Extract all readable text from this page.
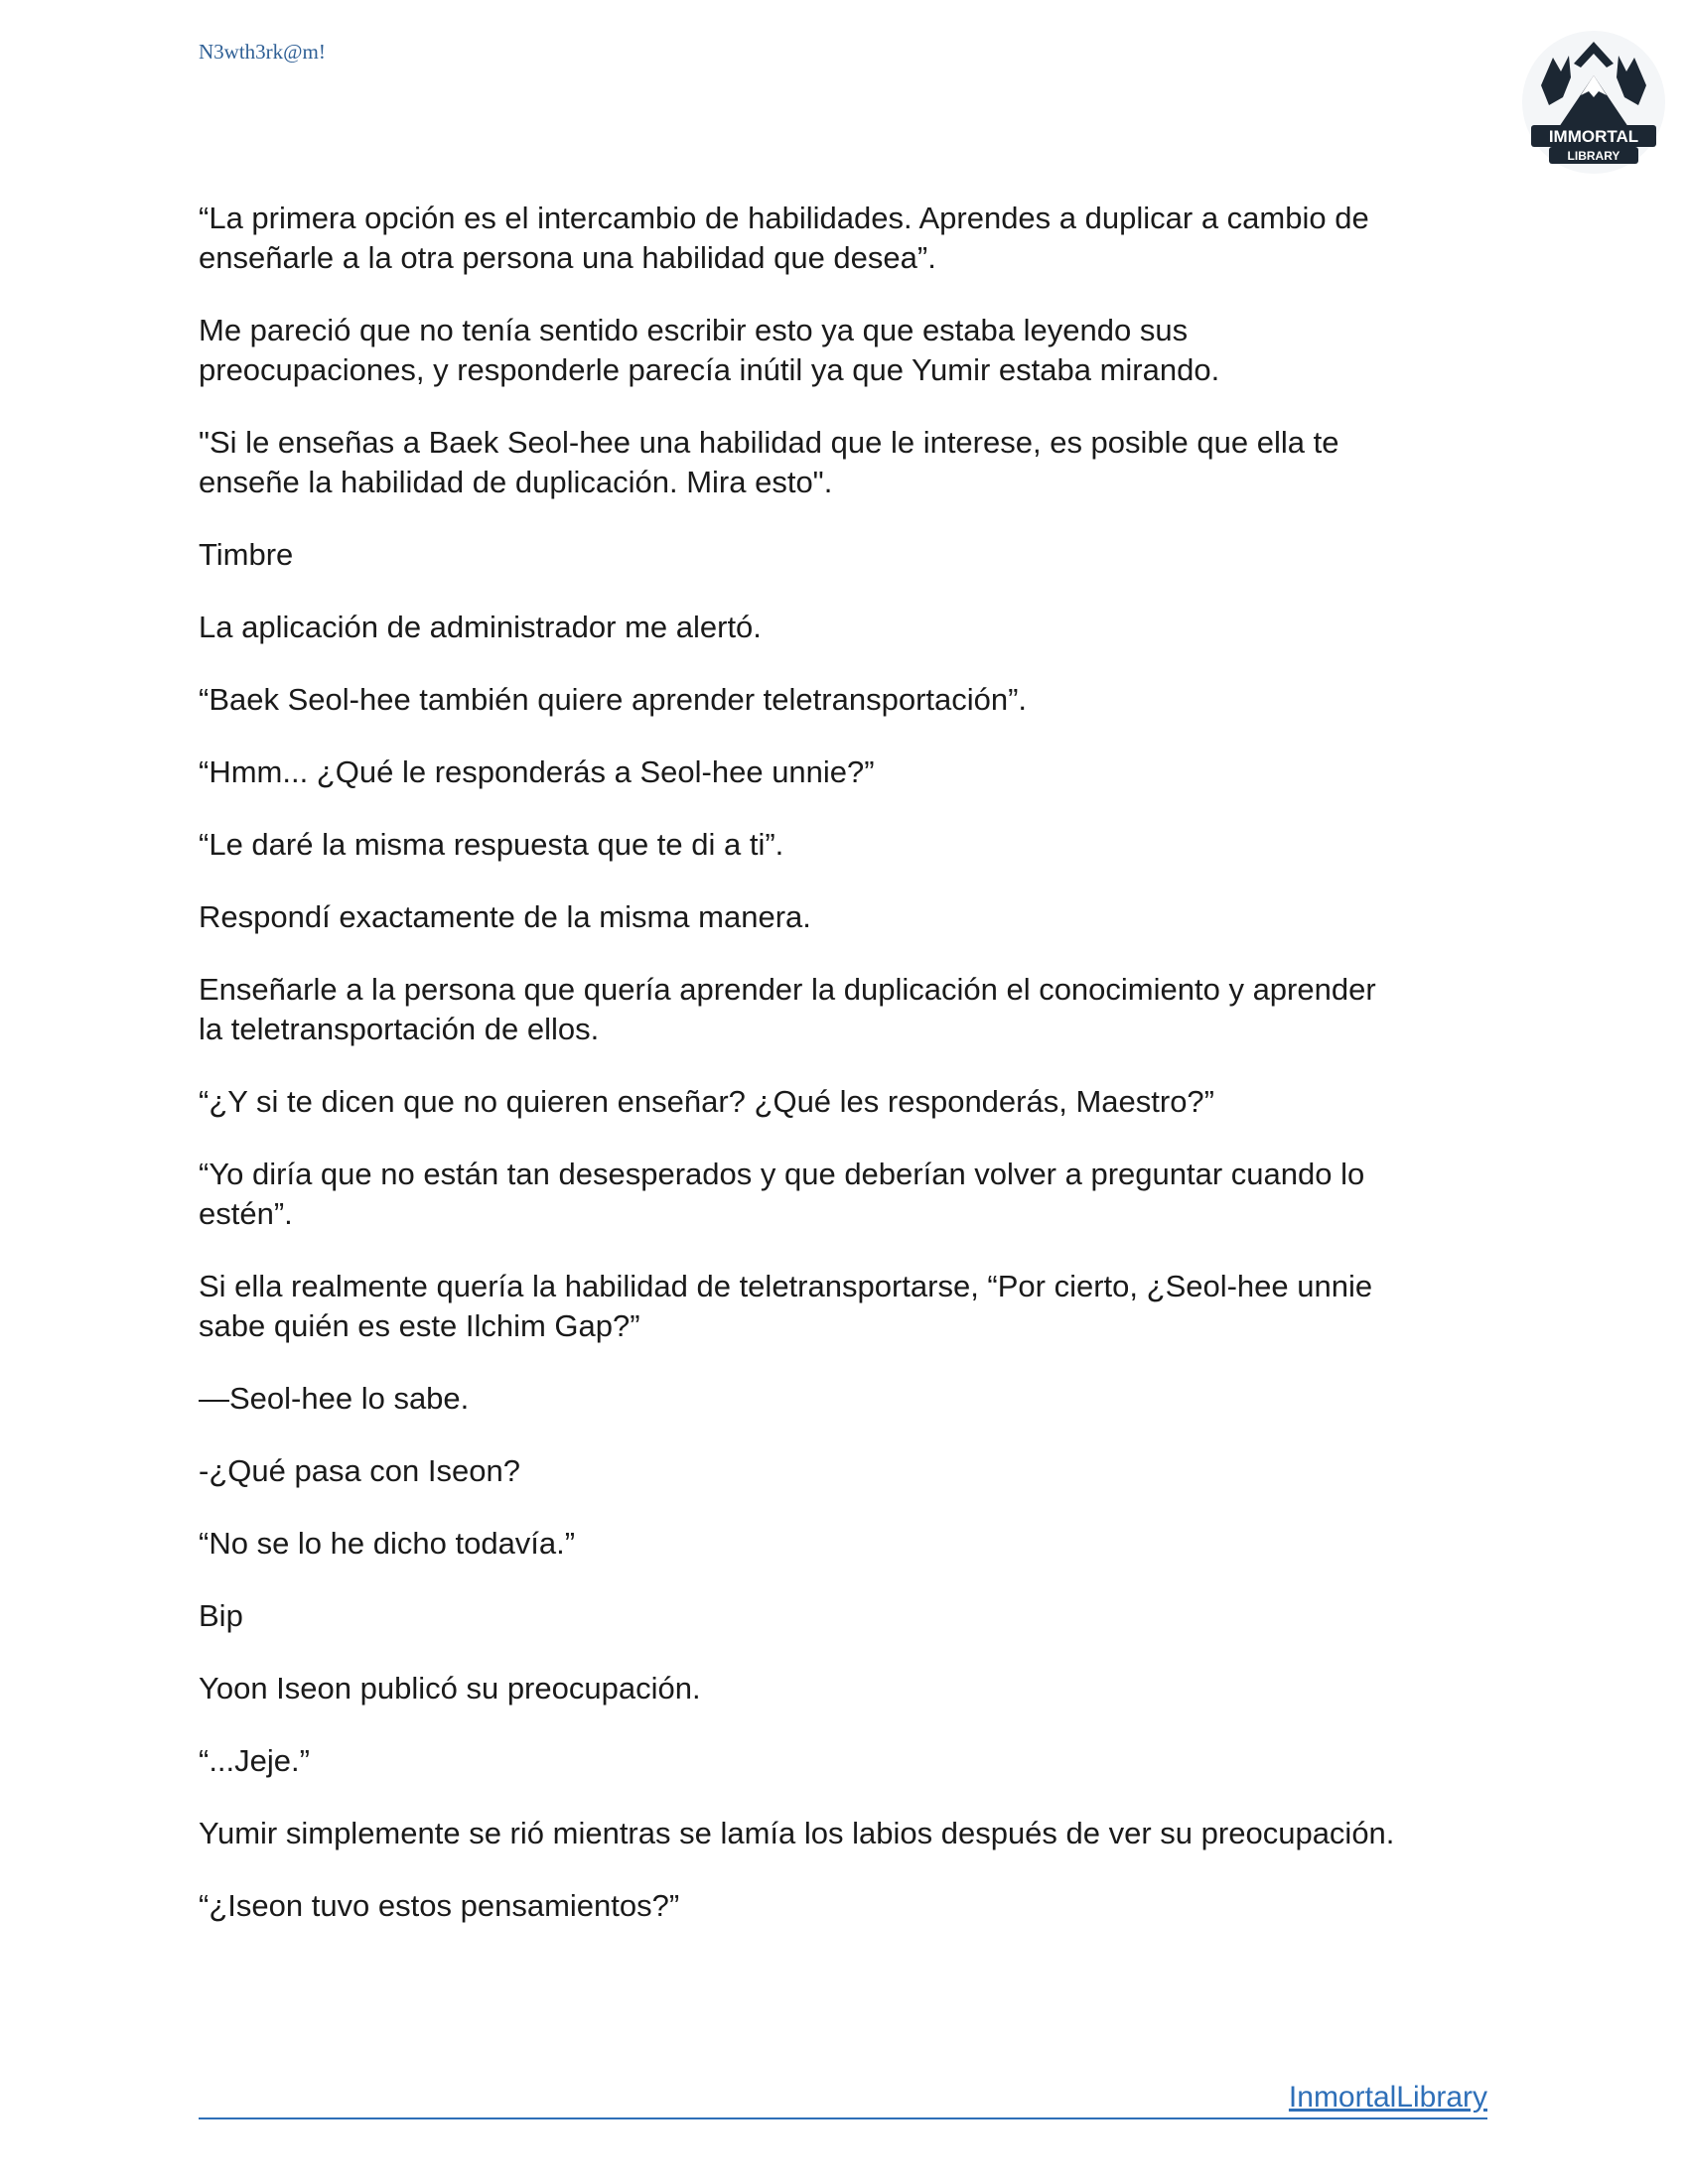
N3wth3rk@m!
IMMORTAL
LIBRARY

“La primera opción es el intercambio de habilidades. Aprendes a duplicar a cambio de
enseñarle a la otra persona una habilidad que desea”.

Me pareció que no tenía sentido escribir esto ya que estaba leyendo sus
preocupaciones, y responderle parecía inútil ya que Yumir estaba mirando.

"Si le enseñas a Baek Seol-hee una habilidad que le interese, es posible que ella te
enseñe la habilidad de duplicación. Mira esto".

Timbre

La aplicación de administrador me alertó.

“Baek Seol-hee también quiere aprender teletransportación”.

“Hmm... ¿Qué le responderás a Seol-hee unnie?”

“Le daré la misma respuesta que te di a ti”.

Respondí exactamente de la misma manera.

Enseñarle a la persona que quería aprender la duplicación el conocimiento y aprender
la teletransportación de ellos.

“¿Y si te dicen que no quieren enseñar? ¿Qué les responderás, Maestro?”

“Yo diría que no están tan desesperados y que deberían volver a preguntar cuando lo
estén”.

Si ella realmente quería la habilidad de teletransportarse, “Por cierto, ¿Seol-hee unnie
sabe quién es este Ilchim Gap?”

—Seol-hee lo sabe.

-¿Qué pasa con Iseon?

“No se lo he dicho todavía.”

Bip

Yoon Iseon publicó su preocupación.

“...Jeje.”

Yumir simplemente se rió mientras se lamía los labios después de ver su preocupación.

“¿Iseon tuvo estos pensamientos?”

InmortalLibrary
